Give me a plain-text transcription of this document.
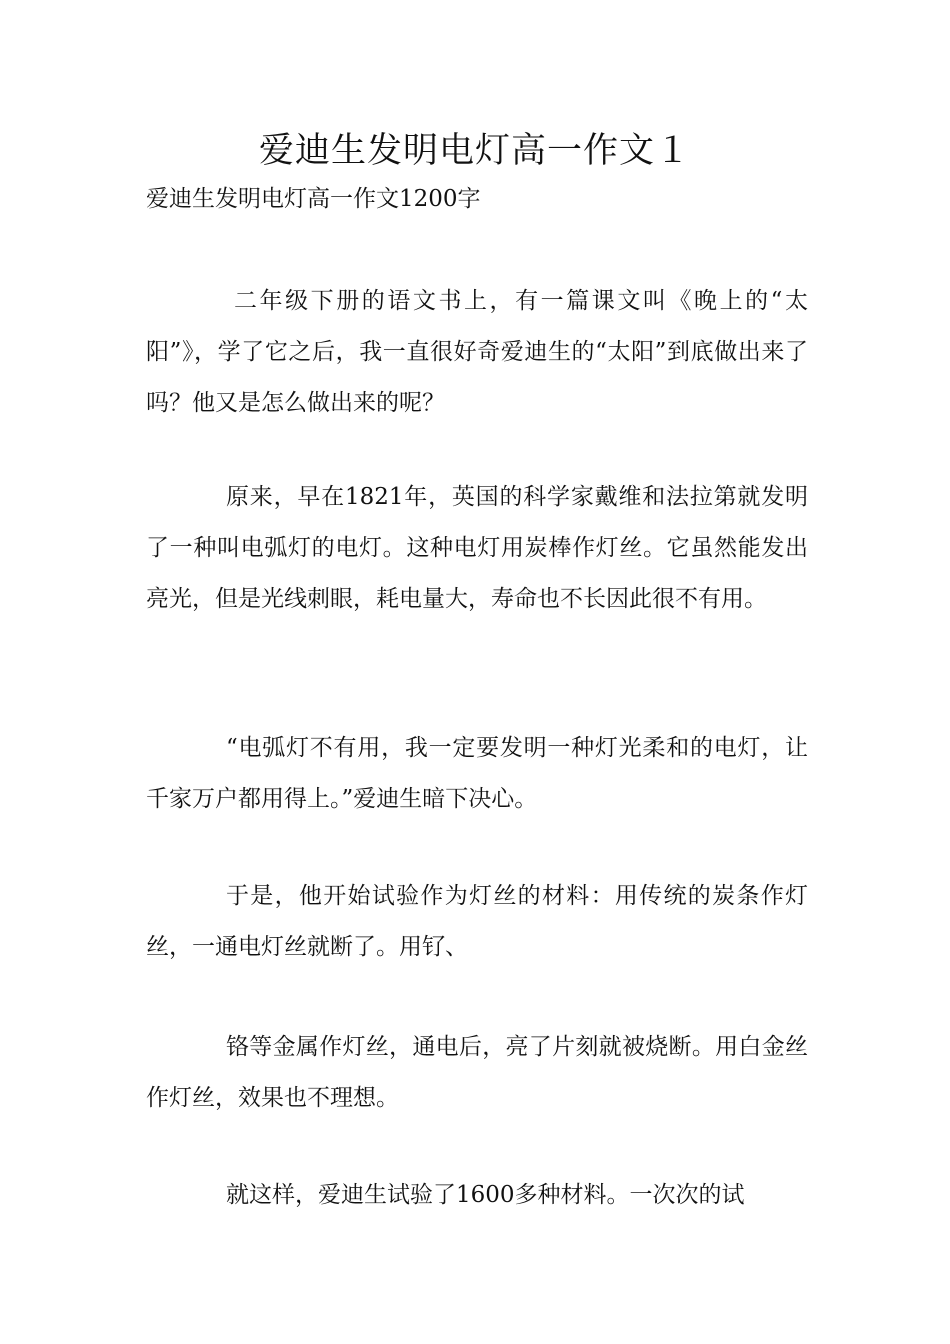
爱迪生发明电灯高一作文１
爱迪生发明电灯高一作文1200字

二年级下册的语文书上，有一篇课文叫《晚上的“太阳”》，学了它之后，我一直很好奇爱迪生的“太阳”到底做出来了吗？他又是怎么做出来的呢？

原来，早在1821年，英国的科学家戴维和法拉第就发明了一种叫电弧灯的电灯。这种电灯用炭棒作灯丝。它虽然能发出亮光，但是光线刺眼，耗电量大，寿命也不长因此很不有用。

“电弧灯不有用，我一定要发明一种灯光柔和的电灯，让千家万户都用得上。”爱迪生暗下决心。

于是，他开始试验作为灯丝的材料：用传统的炭条作灯丝，一通电灯丝就断了。用钌、

铬等金属作灯丝，通电后，亮了片刻就被烧断。用白金丝作灯丝，效果也不理想。

就这样，爱迪生试验了1600多种材料。一次次的试
